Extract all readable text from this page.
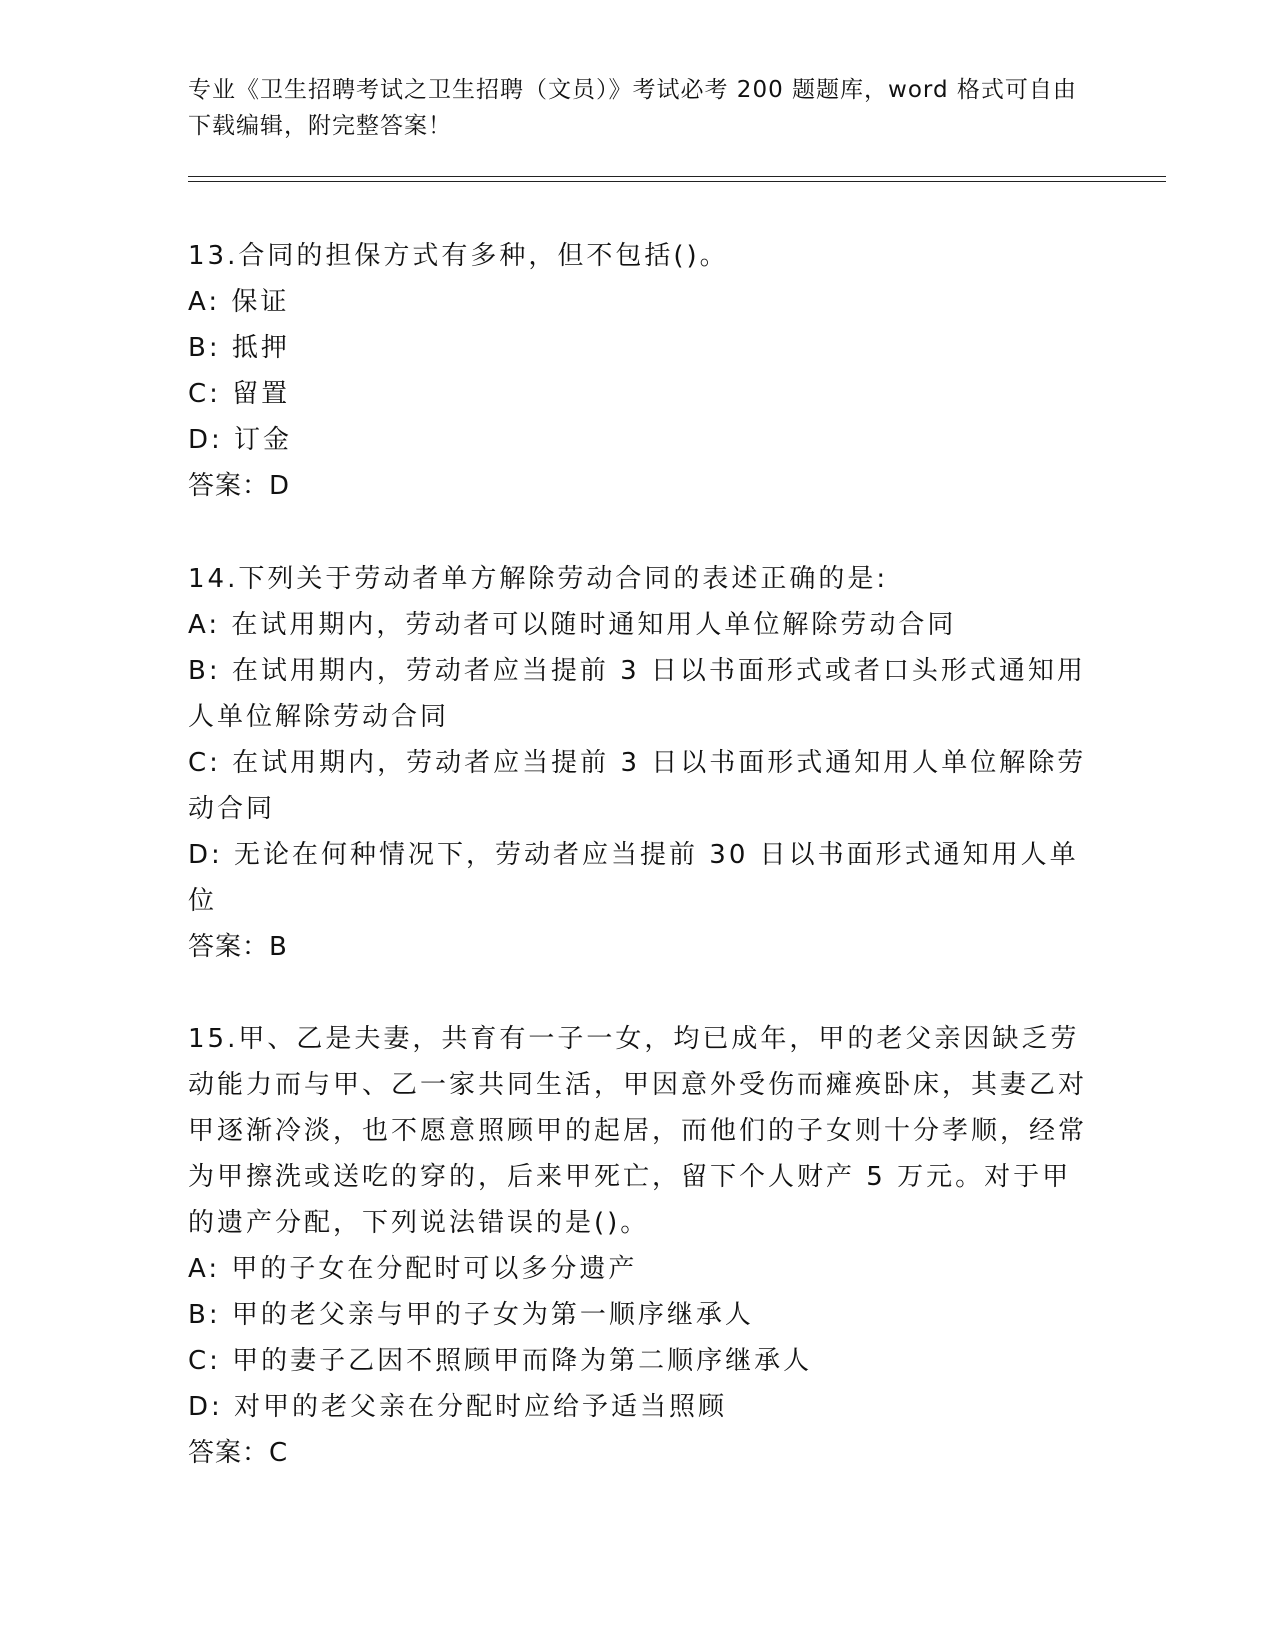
专业《卫生招聘考试之卫生招聘（文员）》考试必考 200 题题库，word 格式可自由下载编辑，附完整答案！

13.合同的担保方式有多种，但不包括()。

A: 保证

B: 抵押

C: 留置

D: 订金

答案：D

14.下列关于劳动者单方解除劳动合同的表述正确的是:

A: 在试用期内，劳动者可以随时通知用人单位解除劳动合同

B: 在试用期内，劳动者应当提前 3 日以书面形式或者口头形式通知用人单位解除劳动合同

C: 在试用期内，劳动者应当提前 3 日以书面形式通知用人单位解除劳动合同

D: 无论在何种情况下，劳动者应当提前 30 日以书面形式通知用人单位

答案：B

15.甲、乙是夫妻，共育有一子一女，均已成年，甲的老父亲因缺乏劳动能力而与甲、乙一家共同生活，甲因意外受伤而瘫痪卧床，其妻乙对甲逐渐冷淡，也不愿意照顾甲的起居，而他们的子女则十分孝顺，经常为甲擦洗或送吃的穿的，后来甲死亡，留下个人财产 5 万元。对于甲的遗产分配，下列说法错误的是()。

A: 甲的子女在分配时可以多分遗产

B: 甲的老父亲与甲的子女为第一顺序继承人

C: 甲的妻子乙因不照顾甲而降为第二顺序继承人

D: 对甲的老父亲在分配时应给予适当照顾

答案：C
